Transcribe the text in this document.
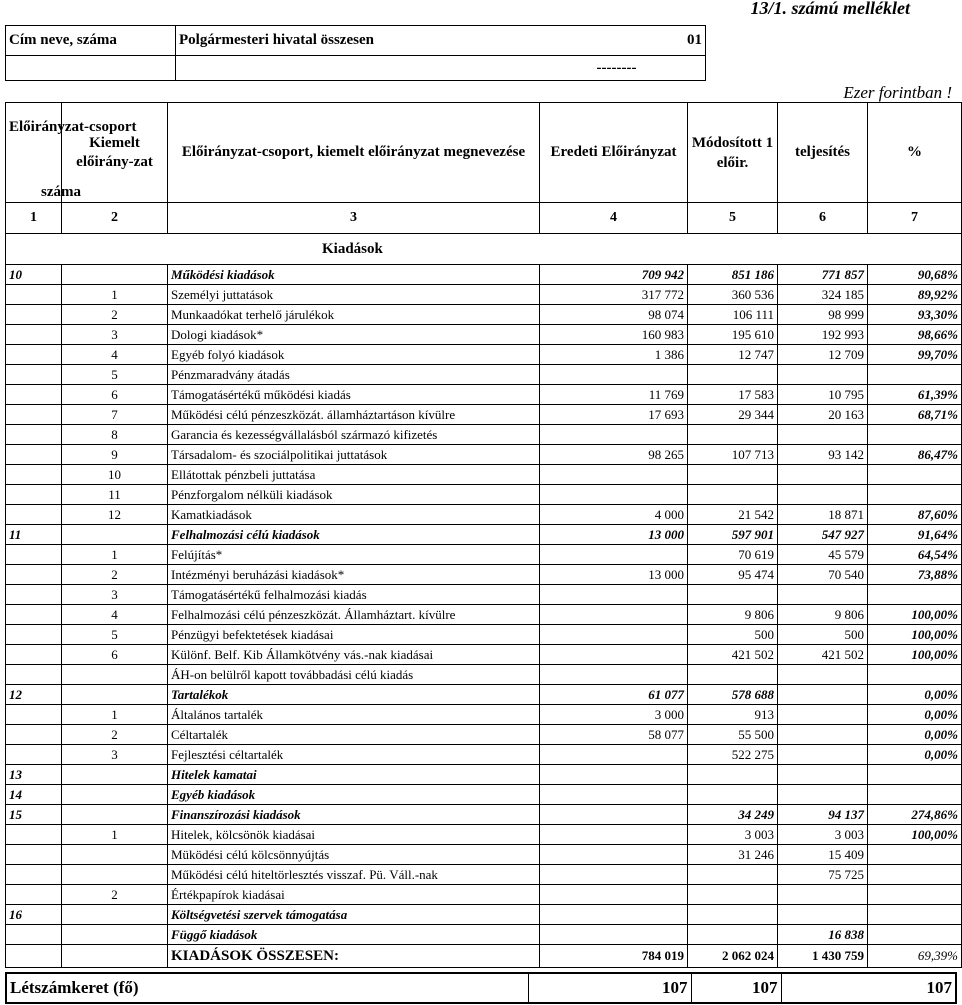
13/1. számú melléklet
Cím neve, száma	Polgármesteri hivatal összesen	01	
		--------	
Ezer forintban !
Előirányzat-csoport	Kiemelt előirány-zat	Előirányzat-csoport, kiemelt előirányzat megnevezése	Eredeti Előirányzat	Módosított 1 előir.	teljesítés	%
száma						
1	2	3	4	5	6	7
Kiadások						
10		Működési kiadások	709 942	851 186	771 857	90,68%
	1	Személyi juttatások	317 772	360 536	324 185	89,92%
	2	Munkaadókat terhelő járulékok	98 074	106 111	98 999	93,30%
	3	Dologi kiadások*	160 983	195 610	192 993	98,66%
	4	Egyéb folyó kiadások	1 386	12 747	12 709	99,70%
	5	Pénzmaradvány átadás				
	6	Támogatásértékű működési kiadás	11 769	17 583	10 795	61,39%
	7	Működési célú pénzeszközát. államháztartáson kívülre	17 693	29 344	20 163	68,71%
	8	Garancia és kezességvállalásból származó kifizetés				
	9	Társadalom- és szociálpolitikai juttatások	98 265	107 713	93 142	86,47%
	10	Ellátottak pénzbeli juttatása				
	11	Pénzforgalom nélküli kiadások				
	12	Kamatkiadások	4 000	21 542	18 871	87,60%
11		Felhalmozási célú kiadások	13 000	597 901	547 927	91,64%
	1	Felújítás*		70 619	45 579	64,54%
	2	Intézményi beruházási kiadások*	13 000	95 474	70 540	73,88%
	3	Támogatásértékű felhalmozási kiadás				
	4	Felhalmozási célú pénzeszközát. Államháztart. kívülre		9 806	9 806	100,00%
	5	Pénzügyi befektetések kiadásai		500	500	100,00%
	6	Különf. Belf. Kib Államkötvény vás.-nak kiadásai		421 502	421 502	100,00%
		ÁH-on belülről kapott továbbadási célú kiadás				
12		Tartalékok	61 077	578 688		0,00%
	1	Általános tartalék	3 000	913		0,00%
	2	Céltartalék	58 077	55 500		0,00%
	3	Fejlesztési céltartalék		522 275		0,00%
13		Hitelek kamatai				
14		Egyéb kiadások				
15		Finanszírozási kiadások		34 249	94 137	274,86%
	1	Hitelek, kölcsönök kiadásai		3 003	3 003	100,00%
		Müködési célú kölcsönnyújtás		31 246	15 409	
		Működési célú hiteltörlesztés visszaf. Pü. Váll.-nak			75 725	
	2	Értékpapírok kiadásai				
16		Költségvetési szervek támogatása				
		Függő kiadások			16 838	
		KIADÁSOK ÖSSZESEN:	784 019	2 062 024	1 430 759	69,39%
Létszámkeret (fő)	107	107	107
